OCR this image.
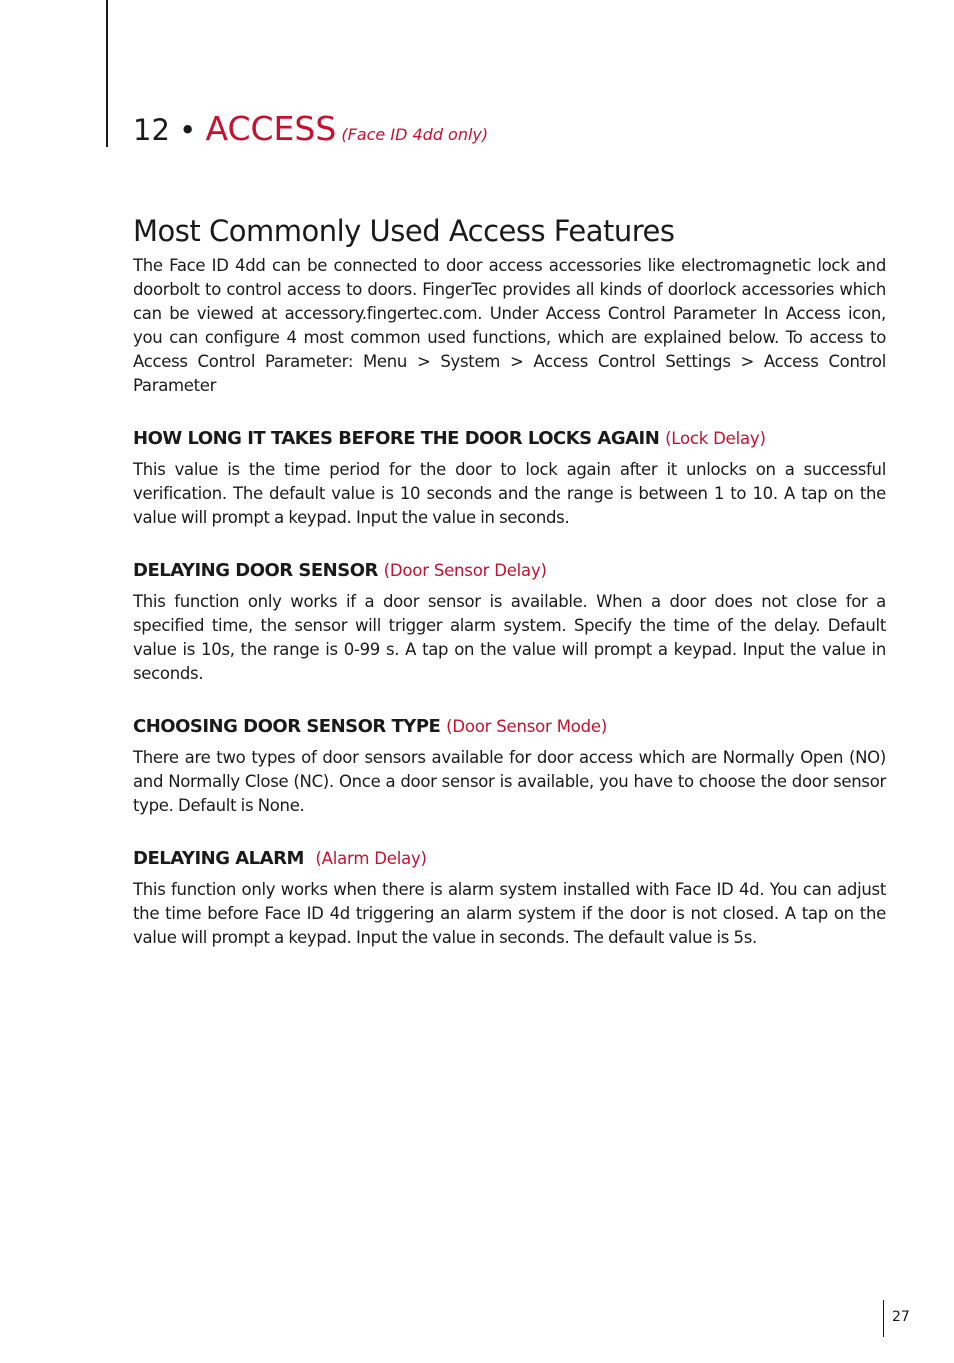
12 • ACCESS (Face ID 4dd only)
Most Commonly Used Access Features

The Face ID 4dd can be connected to door access accessories like electromagnetic lock and doorbolt to control access to doors. FingerTec provides all kinds of doorlock accessories which can be viewed at accessory.fingertec.com. Under Access Control Parameter In Access icon, you can configure 4 most common used functions, which are explained below. To access to Access Control Parameter: Menu > System > Access Control Settings > Access Control Parameter

HOW LONG IT TAKES BEFORE THE DOOR LOCKS AGAIN (Lock Delay)

This value is the time period for the door to lock again after it unlocks on a successful verification. The default value is 10 seconds and the range is between 1 to 10. A tap on the value will prompt a keypad. Input the value in seconds.

DELAYING DOOR SENSOR (Door Sensor Delay)

This function only works if a door sensor is available. When a door does not close for a specified time, the sensor will trigger alarm system. Specify the time of the delay. Default value is 10s, the range is 0-99 s. A tap on the value will prompt a keypad. Input the value in seconds.

CHOOSING DOOR SENSOR TYPE (Door Sensor Mode)

There are two types of door sensors available for door access which are Normally Open (NO) and Normally Close (NC). Once a door sensor is available, you have to choose the door sensor type. Default is None.

DELAYING ALARM (Alarm Delay)

This function only works when there is alarm system installed with Face ID 4d. You can adjust the time before Face ID 4d triggering an alarm system if the door is not closed. A tap on the value will prompt a keypad. Input the value in seconds. The default value is 5s.

27
